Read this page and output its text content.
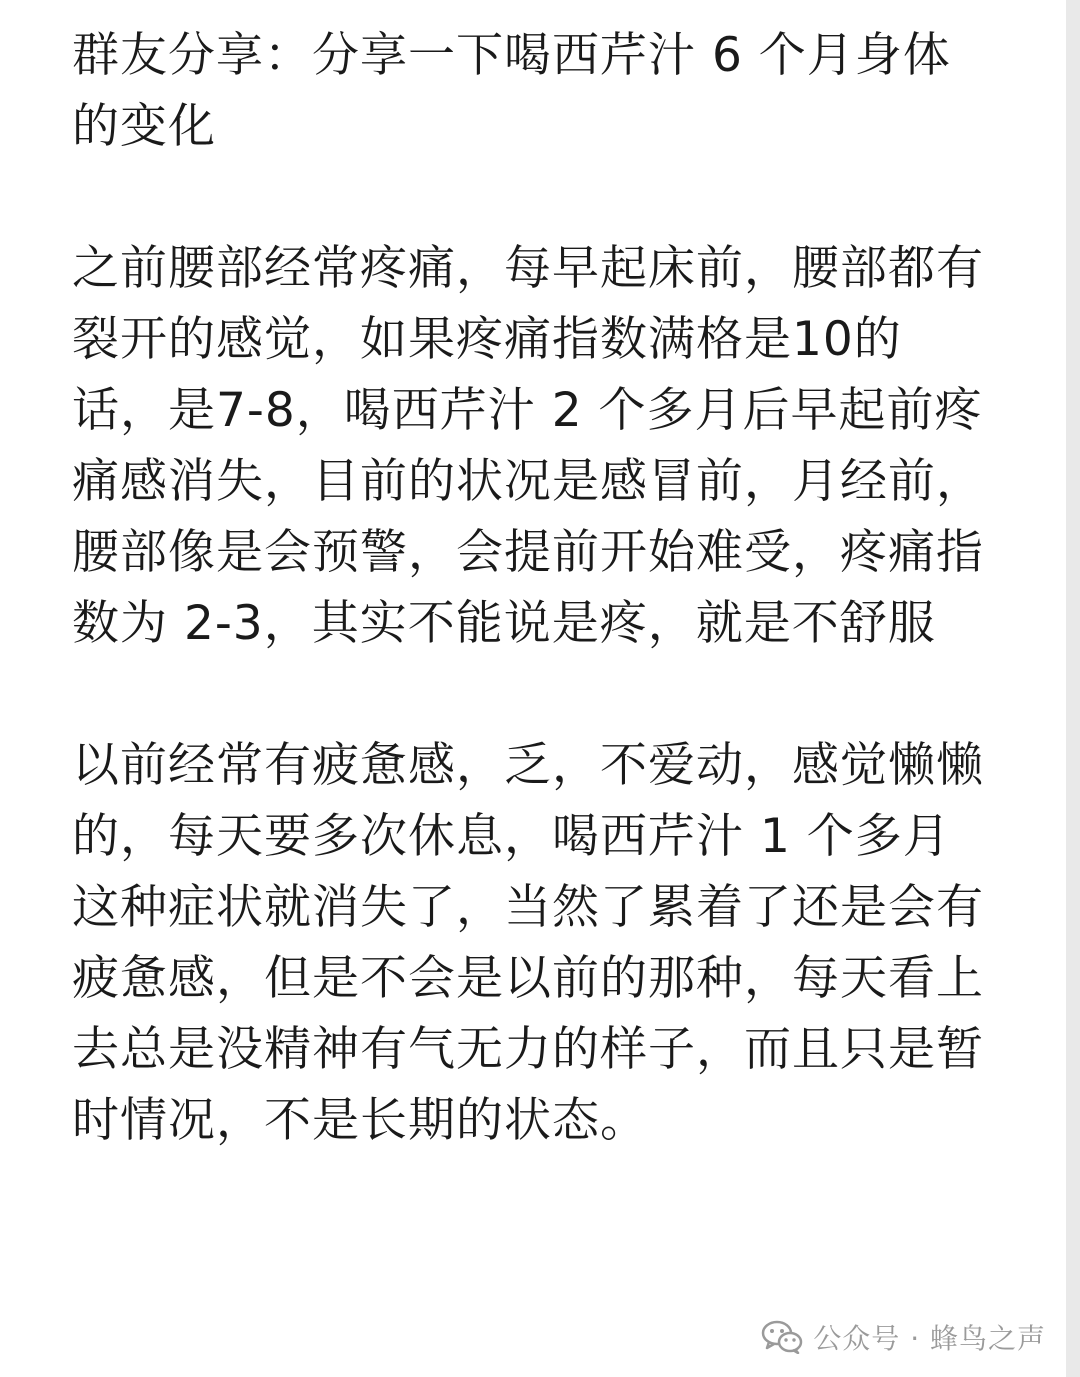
群友分享：分享一下喝西芹汁 6 个月身体的变化

之前腰部经常疼痛，每早起床前，腰部都有裂开的感觉，如果疼痛指数满格是10的话，是7-8，喝西芹汁 2 个多月后早起前疼痛感消失，目前的状况是感冒前，月经前，腰部像是会预警，会提前开始难受，疼痛指数为 2-3，其实不能说是疼，就是不舒服

以前经常有疲惫感，乏，不爱动，感觉懒懒的，每天要多次休息，喝西芹汁 1 个多月这种症状就消失了，当然了累着了还是会有疲惫感，但是不会是以前的那种，每天看上去总是没精神有气无力的样子，而且只是暂时情况，不是长期的状态。

公众号 · 蜂鸟之声
